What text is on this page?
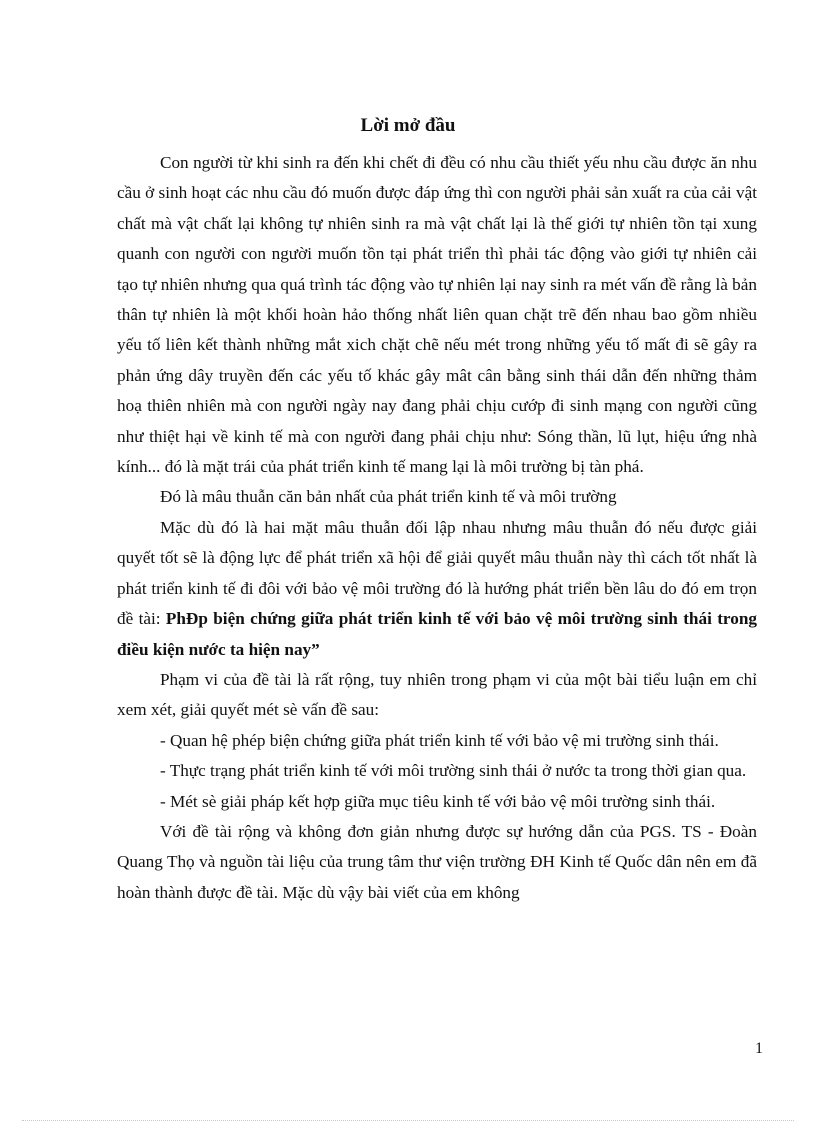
Lời mở đầu

Con người từ khi sinh ra đến khi chết đi đều có nhu cầu thiết yếu nhu cầu được ăn nhu cầu ở sinh hoạt các nhu cầu đó muốn được đáp ứng thì con người phải sản xuất ra của cải vật chất mà vật chất lại không tự nhiên sinh ra mà vật chất lại là thế giới tự nhiên tồn tại xung quanh con người con người muốn tồn tại phát triển thì phải tác động vào giới tự nhiên cải tạo tự nhiên nhưng qua quá trình tác động vào tự nhiên lại nay sinh ra mét vấn đề rằng là bản thân tự nhiên là một khối hoàn hảo thống nhất liên quan chặt trẽ đến nhau bao gồm nhiều yếu tố liên kết thành những mắt xich chặt chẽ nếu mét trong những yếu tố mất đi sẽ gây ra phản ứng dây truyền đến các yếu tố khác gây mât cân bằng sinh thái dẫn đến những thảm hoạ thiên nhiên mà con người ngày nay đang phải chịu cướp đi sinh mạng con người cũng như thiệt hại về kinh tế mà con người đang phải chịu như: Sóng thần, lũ lụt, hiệu ứng nhà kính... đó là mặt trái của phát triển kinh tế mang lại là môi trường bị tàn phá.

Đó là mâu thuẫn căn bản nhất của phát triển kinh tế và môi trường

Mặc dù đó là hai mặt mâu thuẫn đối lập nhau nhưng mâu thuẫn đó nếu được giải quyết tốt sẽ là động lực để phát triển xã hội để giải quyết mâu thuẫn này thì cách tốt nhất là phát triển kinh tế đi đôi với bảo vệ môi trường đó là hướng phát triển bền lâu do đó em trọn đề tài: PhÐp biện chứng giữa phát triển kinh tế với bảo vệ môi trường sinh thái trong điều kiện nước ta hiện nay”

Phạm vi của đề tài là rất rộng, tuy nhiên trong phạm vi của một bài tiểu luận em chỉ xem xét, giải quyết mét sè vấn đề sau:

- Quan hệ phép biện chứng giữa phát triển kinh tế với bảo vệ mi trường sinh thái.

- Thực trạng phát triển kinh tế với môi trường sinh thái ở nước ta trong thời gian qua.

- Mét sè giải pháp kết hợp giữa mục tiêu kinh tế với bảo vệ môi trường sinh thái.

Với đề tài rộng và không đơn giản nhưng được sự hướng dẫn của PGS. TS - Đoàn Quang Thọ và nguồn tài liệu của trung tâm thư viện trường ĐH Kinh tế Quốc dân nên em đã hoàn thành được đề tài. Mặc dù vậy bài viết của em không

1
